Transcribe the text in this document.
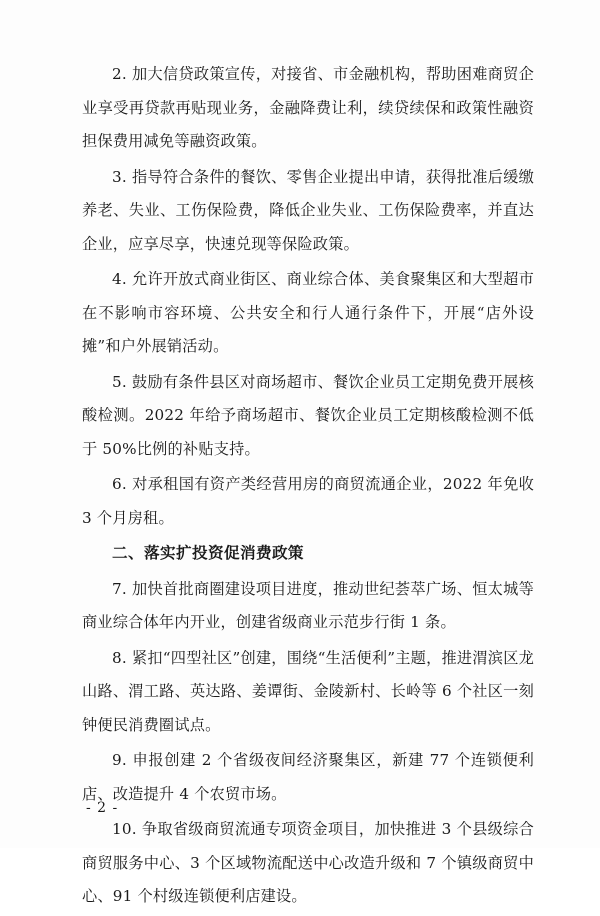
2. 加大信贷政策宣传，对接省、市金融机构，帮助困难商贸企业享受再贷款再贴现业务，金融降费让利，续贷续保和政策性融资担保费用减免等融资政策。

3. 指导符合条件的餐饮、零售企业提出申请，获得批准后缓缴养老、失业、工伤保险费，降低企业失业、工伤保险费率，并直达企业，应享尽享，快速兑现等保险政策。

4. 允许开放式商业街区、商业综合体、美食聚集区和大型超市在不影响市容环境、公共安全和行人通行条件下，开展“店外设摊”和户外展销活动。

5. 鼓励有条件县区对商场超市、餐饮企业员工定期免费开展核酸检测。2022 年给予商场超市、餐饮企业员工定期核酸检测不低于 50%比例的补贴支持。

6. 对承租国有资产类经营用房的商贸流通企业，2022 年免收 3 个月房租。

二、落实扩投资促消费政策

7. 加快首批商圈建设项目进度，推动世纪荟萃广场、恒太城等商业综合体年内开业，创建省级商业示范步行街 1 条。

8. 紧扣“四型社区”创建，围绕“生活便利”主题，推进渭滨区龙山路、渭工路、英达路、姜谭街、金陵新村、长岭等 6 个社区一刻钟便民消费圈试点。

9. 申报创建 2 个省级夜间经济聚集区，新建 77 个连锁便利店、改造提升 4 个农贸市场。

10. 争取省级商贸流通专项资金项目，加快推进 3 个县级综合商贸服务中心、3 个区域物流配送中心改造升级和 7 个镇级商贸中心、91 个村级连锁便利店建设。

- 2 -
